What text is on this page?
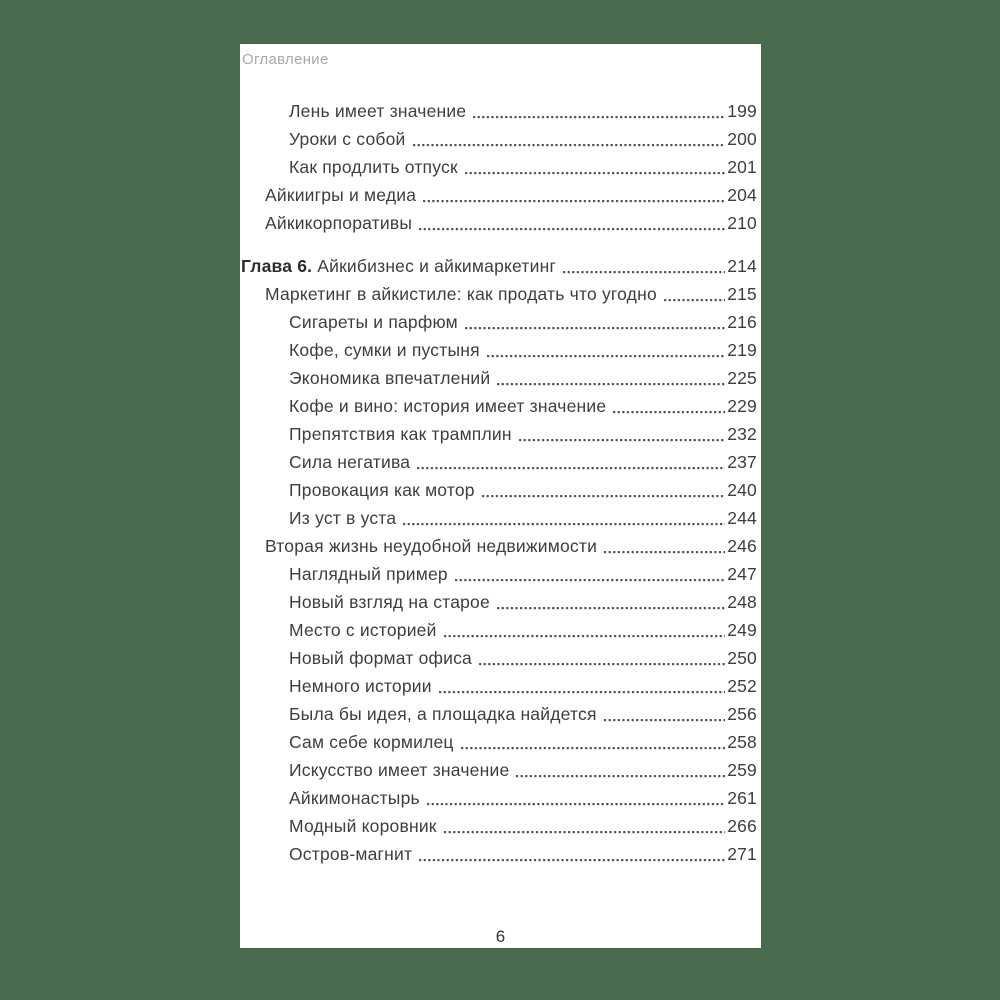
Оглавление
Лень имеет значение	199
Уроки с собой	200
Как продлить отпуск	201
Айкиигры и медиа	204
Айкикорпоративы	210
Глава 6. Айкибизнес и айкимаркетинг	214
Маркетинг в айкистиле: как продать что угодно	215
Сигареты и парфюм	216
Кофе, сумки и пустыня	219
Экономика впечатлений	225
Кофе и вино: история имеет значение	229
Препятствия как трамплин	232
Сила негатива	237
Провокация как мотор	240
Из уст в уста	244
Вторая жизнь неудобной недвижимости	246
Наглядный пример	247
Новый взгляд на старое	248
Место с историей	249
Новый формат офиса	250
Немного истории	252
Была бы идея, а площадка найдется	256
Сам себе кормилец	258
Искусство имеет значение	259
Айкимонастырь	261
Модный коровник	266
Остров-магнит	271
6
